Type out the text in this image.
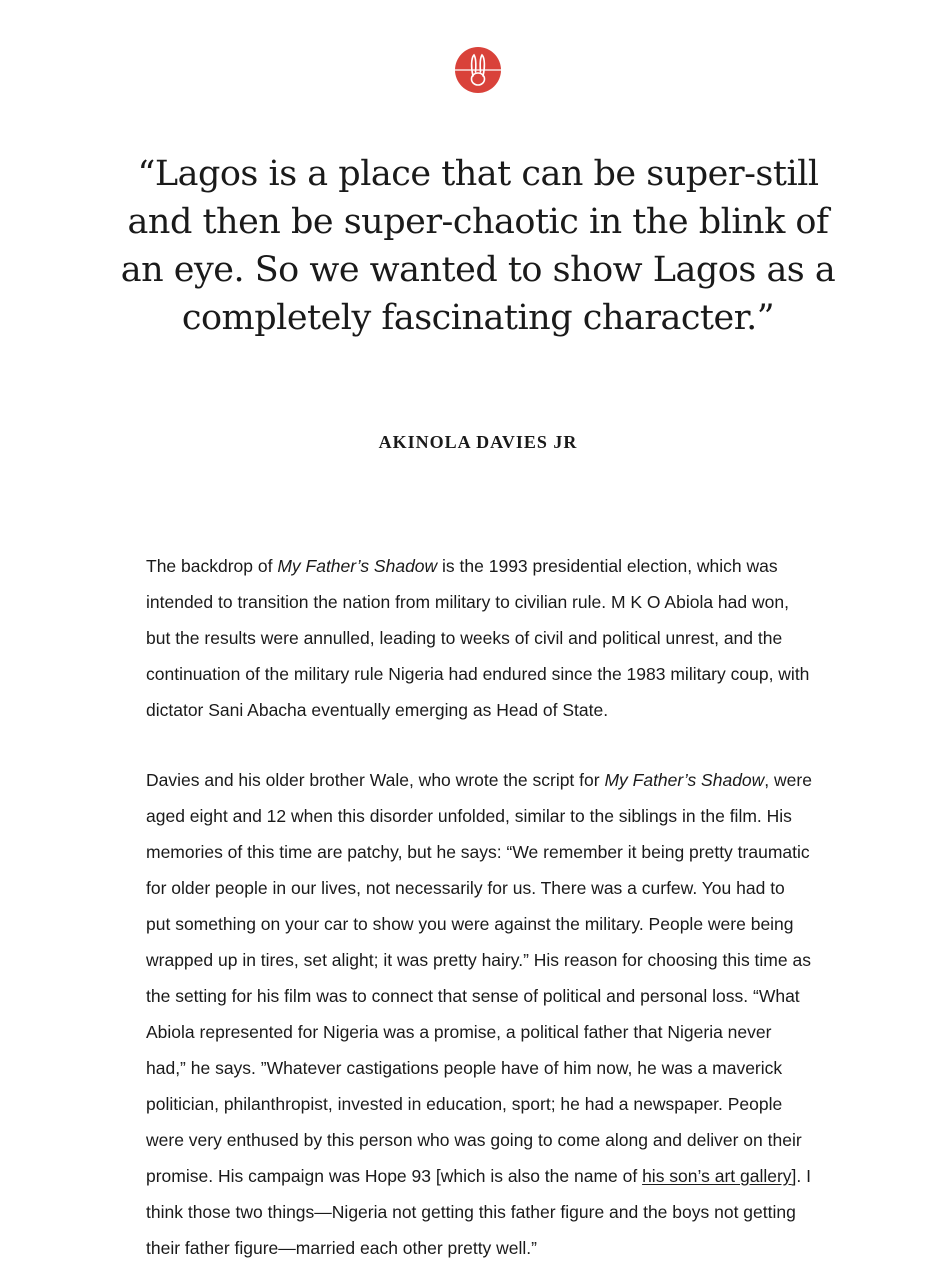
“Lagos is a place that can be super-still and then be super-chaotic in the blink of an eye. So we wanted to show Lagos as a completely fascinating character.”

AKINOLA DAVIES JR

The backdrop of My Father’s Shadow is the 1993 presidential election, which was intended to transition the nation from military to civilian rule. M K O Abiola had won, but the results were annulled, leading to weeks of civil and political unrest, and the continuation of the military rule Nigeria had endured since the 1983 military coup, with dictator Sani Abacha eventually emerging as Head of State.

Davies and his older brother Wale, who wrote the script for My Father’s Shadow, were aged eight and 12 when this disorder unfolded, similar to the siblings in the film. His memories of this time are patchy, but he says: “We remember it being pretty traumatic for older people in our lives, not necessarily for us. There was a curfew. You had to put something on your car to show you were against the military. People were being wrapped up in tires, set alight; it was pretty hairy.” His reason for choosing this time as the setting for his film was to connect that sense of political and personal loss. “What Abiola represented for Nigeria was a promise, a political father that Nigeria never had,” he says. ”Whatever castigations people have of him now, he was a maverick politician, philanthropist, invested in education, sport; he had a newspaper. People were very enthused by this person who was going to come along and deliver on their promise. His campaign was Hope 93 [which is also the name of his son’s art gallery]. I think those two things—Nigeria not getting this father figure and the boys not getting their father figure—married each other pretty well.”
